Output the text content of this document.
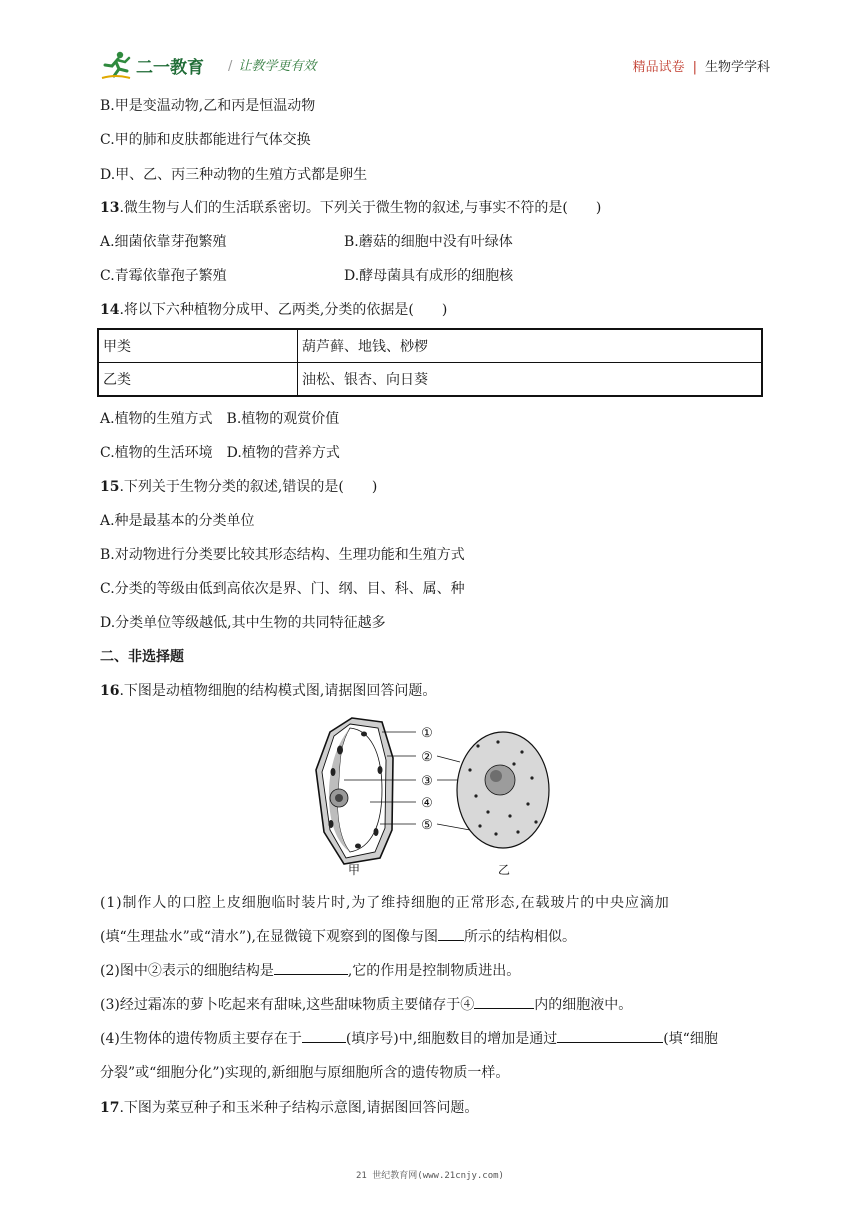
二一教育 / 让教学更有效	精品试卷 | 生物学学科
B.甲是变温动物,乙和丙是恒温动物
C.甲的肺和皮肤都能进行气体交换
D.甲、乙、丙三种动物的生殖方式都是卵生
13.微生物与人们的生活联系密切。下列关于微生物的叙述,与事实不符的是(　　)
A.细菌依靠芽孢繁殖	B.蘑菇的细胞中没有叶绿体
C.青霉依靠孢子繁殖	D.酵母菌具有成形的细胞核
14.将以下六种植物分成甲、乙两类,分类的依据是(　　)
甲类	葫芦藓、地钱、桫椤
乙类	油松、银杏、向日葵
A.植物的生殖方式　B.植物的观赏价值
C.植物的生活环境　D.植物的营养方式
15.下列关于生物分类的叙述,错误的是(　　)
A.种是最基本的分类单位
B.对动物进行分类要比较其形态结构、生理功能和生殖方式
C.分类的等级由低到高依次是界、门、纲、目、科、属、种
D.分类单位等级越低,其中生物的共同特征越多
二、非选择题
16.下图是动植物细胞的结构模式图,请据图回答问题。
①
②
③
④
⑤
甲	乙
(1)制作人的口腔上皮细胞临时装片时,为了维持细胞的正常形态,在载玻片的中央应滴加
(填“生理盐水”或“清水”),在显微镜下观察到的图像与图 所示的结构相似。
(2)图中②表示的细胞结构是	,它的作用是控制物质进出。
(3)经过霜冻的萝卜吃起来有甜味,这些甜味物质主要储存于④	内的细胞液中。
(4)生物体的遗传物质主要存在于	(填序号)中,细胞数目的增加是通过	(填“细胞
分裂”或“细胞分化”)实现的,新细胞与原细胞所含的遗传物质一样。
17.下图为菜豆种子和玉米种子结构示意图,请据图回答问题。
21 世纪教育网(www.21cnjy.com)
